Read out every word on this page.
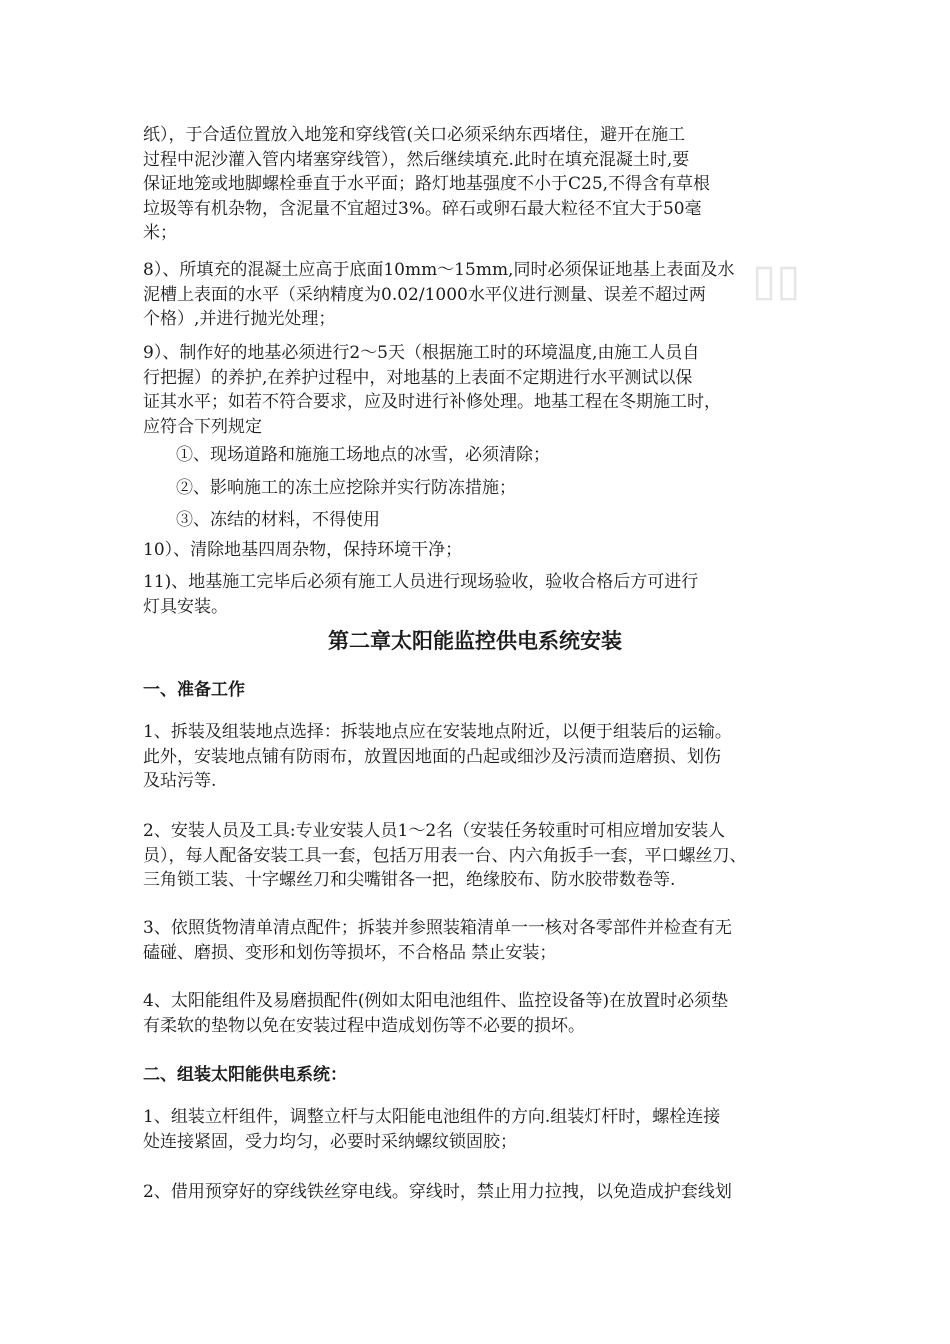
纸），于合适位置放入地笼和穿线管(关口必须采纳东西堵住，避开在施工
过程中泥沙灌入管内堵塞穿线管），然后继续填充.此时在填充混凝土时,要
保证地笼或地脚螺栓垂直于水平面；路灯地基强度不小于C25,不得含有草根
垃圾等有机杂物，含泥量不宜超过3%。碎石或卵石最大粒径不宜大于50毫
米；
8）、所填充的混凝土应高于底面10mm～15mm,同时必须保证地基上表面及水
泥槽上表面的水平（采纳精度为0.02/1000水平仪进行测量、误差不超过两
个格）,并进行抛光处理；
▯▯
9）、制作好的地基必须进行2～5天（根据施工时的环境温度,由施工人员自
行把握）的养护,在养护过程中，对地基的上表面不定期进行水平测试以保
证其水平；如若不符合要求，应及时进行补修处理。地基工程在冬期施工时，
应符合下列规定
①、现场道路和施施工场地点的冰雪，必须清除；
②、影响施工的冻土应挖除并实行防冻措施；
③、冻结的材料，不得使用
10）、清除地基四周杂物，保持环境干净；
11)、地基施工完毕后必须有施工人员进行现场验收，验收合格后方可进行
灯具安装。
第二章太阳能监控供电系统安装
一、准备工作
1、拆装及组装地点选择：拆装地点应在安装地点附近，以便于组装后的运输。
此外，安装地点铺有防雨布，放置因地面的凸起或细沙及污渍而造磨损、划伤
及玷污等.
2、安装人员及工具:专业安装人员1～2名（安装任务较重时可相应增加安装人
员），每人配备安装工具一套，包括万用表一台、内六角扳手一套，平口螺丝刀、
三角锁工装、十字螺丝刀和尖嘴钳各一把，绝缘胶布、防水胶带数卷等.
3、依照货物清单清点配件；拆装并参照装箱清单一一核对各零部件并检查有无
磕碰、磨损、变形和划伤等损坏，不合格品 禁止安装；
4、太阳能组件及易磨损配件(例如太阳电池组件、监控设备等)在放置时必须垫
有柔软的垫物以免在安装过程中造成划伤等不必要的损坏。
二、组装太阳能供电系统：
1、组装立杆组件，调整立杆与太阳能电池组件的方向.组装灯杆时，螺栓连接
处连接紧固，受力均匀，必要时采纳螺纹锁固胶；
2、借用预穿好的穿线铁丝穿电线。穿线时，禁止用力拉拽，以免造成护套线划
